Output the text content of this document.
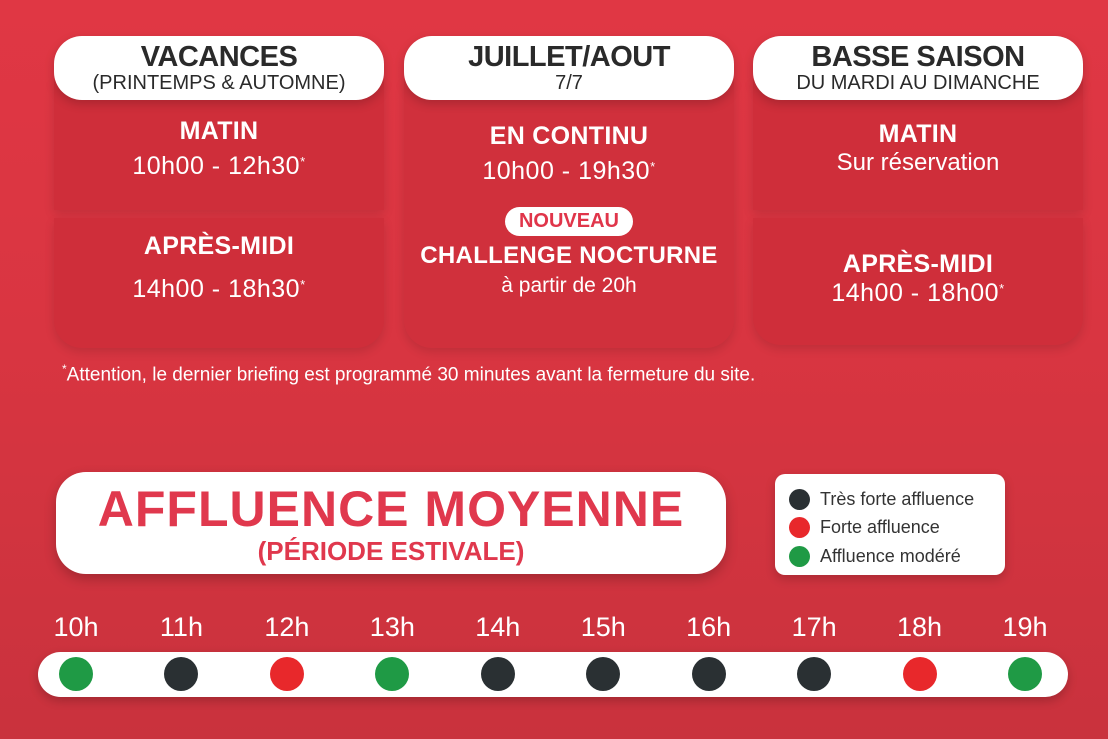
VACANCES
(PRINTEMPS & AUTOMNE)
MATIN
10h00 - 12h30*
APRÈS-MIDI
14h00 - 18h30*
JUILLET/AOUT
7/7
EN CONTINU
10h00 - 19h30*
NOUVEAU
CHALLENGE NOCTURNE
à partir de 20h
BASSE SAISON
DU MARDI AU DIMANCHE
MATIN
Sur réservation
APRÈS-MIDI
14h00 - 18h00*
*Attention, le dernier briefing est programmé 30 minutes avant la fermeture du site.
AFFLUENCE MOYENNE
(PÉRIODE ESTIVALE)
Très forte affluence
Forte affluence
Affluence modéré
10h 11h 12h 13h 14h 15h 16h 17h 18h 19h
